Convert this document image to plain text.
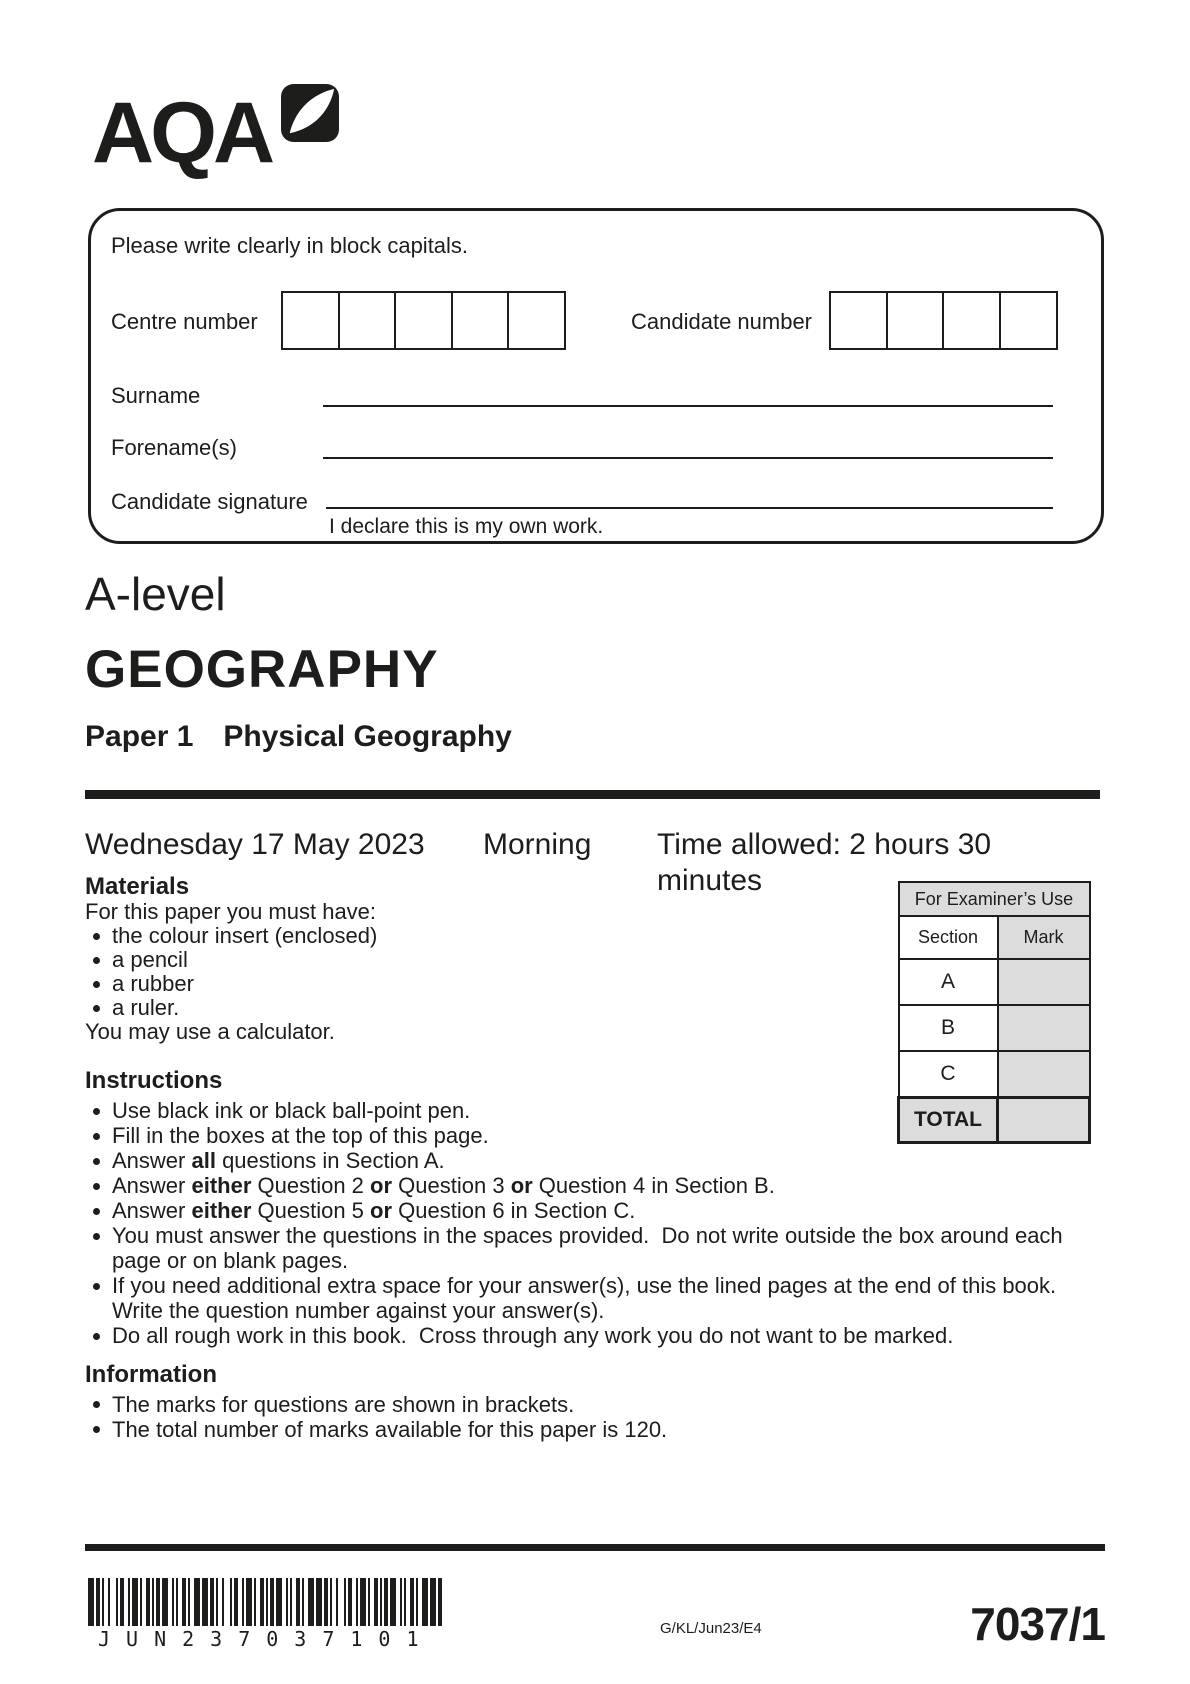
AQA
Please write clearly in block capitals.
Centre number	Candidate number
Surname
Forename(s)
Candidate signature
I declare this is my own work.
A-level
GEOGRAPHY
Paper 1 Physical Geography
Wednesday 17 May 2023 Morning Time allowed: 2 hours 30 minutes
Materials

For this paper you must have:

the colour insert (enclosed)
a pencil
a rubber
a ruler.

You may use a calculator.

For Examiner’s Use	
Section	Mark
A	
B	
C	
TOTAL	
Instructions
Use black ink or black ball-point pen.
Fill in the boxes at the top of this page.
Answer all questions in Section A.
Answer either Question 2 or Question 3 or Question 4 in Section B.
Answer either Question 5 or Question 6 in Section C.
You must answer the questions in the spaces provided.  Do not write outside the box around each
page or on blank pages.
If you need additional extra space for your answer(s), use the lined pages at the end of this book.
Write the question number against your answer(s).
Do all rough work in this book.  Cross through any work you do not want to be marked.
Information
The marks for questions are shown in brackets.
The total number of marks available for this paper is 120.
JUN237037101	G/KL/Jun23/E4	7037/1
